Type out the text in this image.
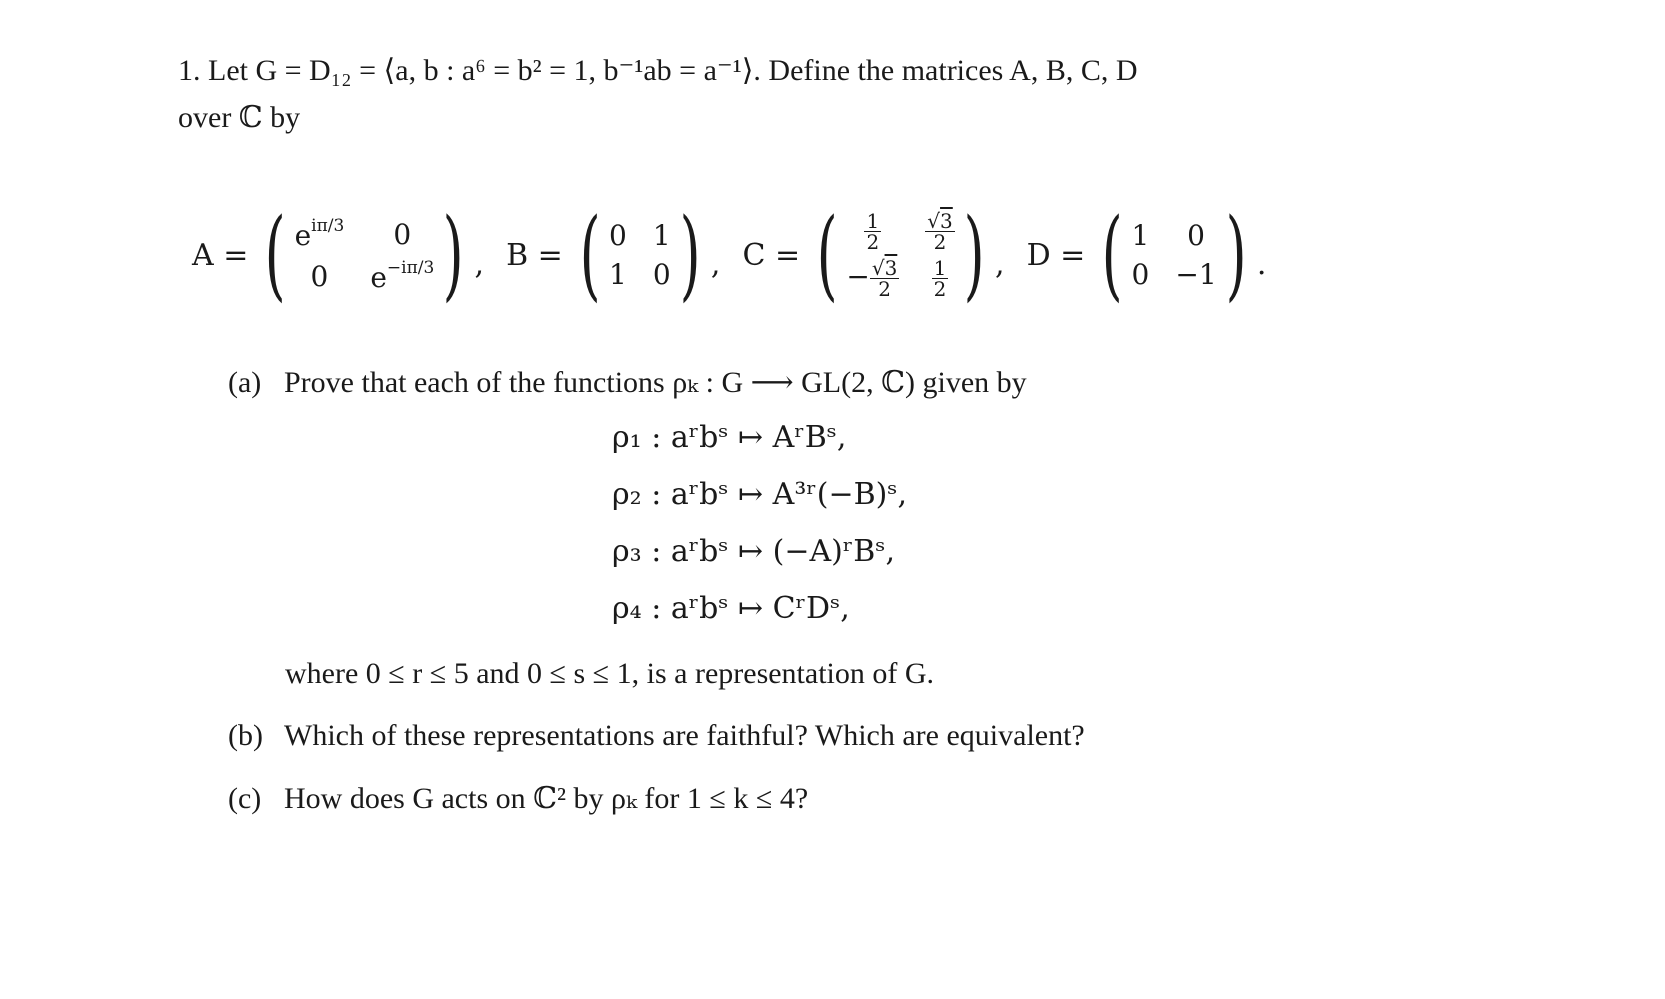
1. Let G = D₁₂ = ⟨a, b : a⁶ = b² = 1, b⁻¹ab = a⁻¹⟩. Define the matrices A, B, C, D
over ℂ by
A = ( $e^{i\pi/3}$	0
0	$e^{-i\pi/3}$ ) , B = ( 0 1
1 0 ) , C = ( $\frac{1}{2} \frac{√3}{2}$
− $\frac{√3}{2} \frac{1}{2}$ ) , D = ( 1	0
0 −1 ) .
(a) Prove that each of the functions ρₖ : G ⟶ GL(2, ℂ) given by
ρ₁ : aʳbˢ ↦ AʳBˢ,
ρ₂ : aʳbˢ ↦ A³ʳ(−B)ˢ,
ρ₃ : aʳbˢ ↦ (−A)ʳBˢ,
ρ₄ : aʳbˢ ↦ CʳDˢ,
where 0 ≤ r ≤ 5 and 0 ≤ s ≤ 1, is a representation of G.
(b) Which of these representations are faithful? Which are equivalent?
(c) How does G acts on ℂ² by ρₖ for 1 ≤ k ≤ 4?
